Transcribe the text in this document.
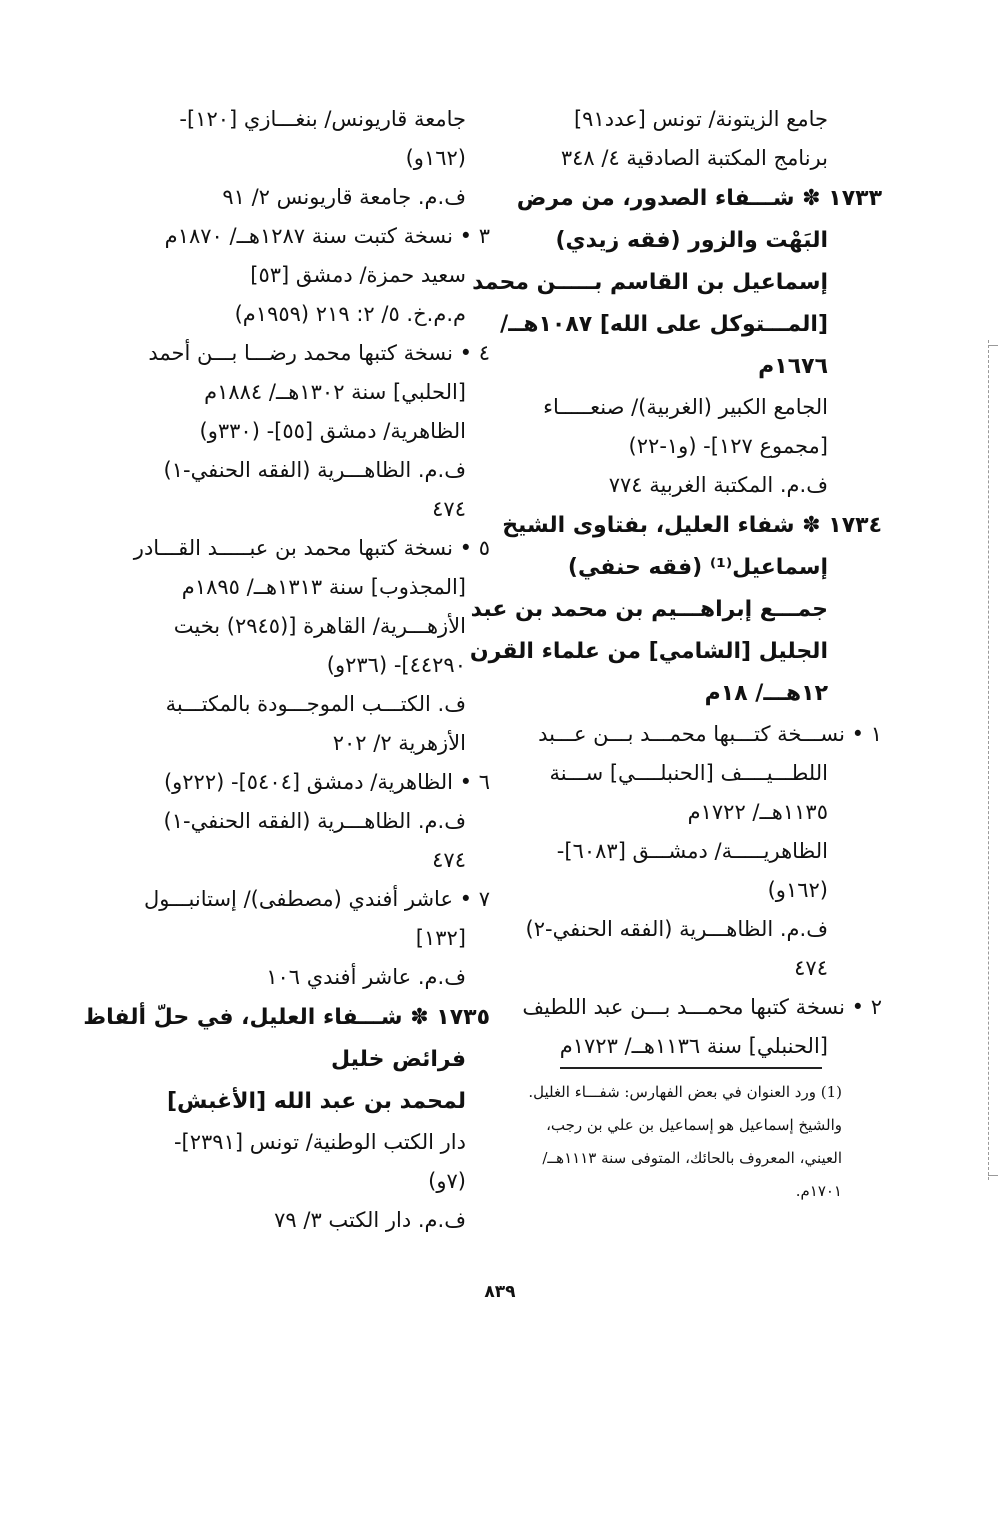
جامع الزيتونة/ تونس [عدد٩١]
برنامج المكتبة الصادقية ٤/ ٣٤٨
١٧٣٣ ✽ شـــفاء الصدور، من مرض
البَهْت والزور (فقه زيدي)
إسماعيل بن القاسم بـــــن محمد
[المـــتوكل على الله] ١٠٨٧هــ/
١٦٧٦م
الجامع الكبير (الغربية)/ صنعـــــاء
[مجموع ١٢٧]- (و١-٢٢)
ف.م. المكتبة الغربية ٧٧٤
١٧٣٤ ✽ شفاء العليل، بفتاوى الشيخ
إسماعيل⁽¹⁾ (فقه حنفي)
جمـــع إبراهـــيم بن محمد بن عبد
الجليل [الشامي] من علماء القرن
١٢هـــ/ ١٨م
١ • نســـخة كتـــبها محمـــد بـــن عـــبد
اللطـــيــــف [الحنبلــــي] ســـنة
١١٣٥هــ/ ١٧٢٢م
الظاهريـــــة/ دمشـــق [٦٠٨٣]-
(١٦٢و)
ف.م. الظاهـــرية (الفقه الحنفي-٢)
٤٧٤
٢ • نسخة كتبها محمـــد بـــن عبد اللطيف
[الحنبلي] سنة ١١٣٦هــ/ ١٧٢٣م
جامعة قاريونس/ بنغـــازي [١٢٠]-
(١٦٢و)
ف.م. جامعة قاريونس ٢/ ٩١
٣ • نسخة كتبت سنة ١٢٨٧هــ/ ١٨٧٠م
سعيد حمزة/ دمشق [٥٣]
م.م.خ. ٥/ ٢: ٢١٩ (١٩٥٩م)
٤ • نسخة كتبها محمد رضـــا بـــن أحمد
[الحلبي] سنة ١٣٠٢هــ/ ١٨٨٤م
الظاهرية/ دمشق [٥٥]- (٣٣٠و)
ف.م. الظاهـــرية (الفقه الحنفي-١)
٤٧٤
٥ • نسخة كتبها محمد بن عبـــــد القـــادر
[المجذوب] سنة ١٣١٣هــ/ ١٨٩٥م
الأزهـــرية/ القاهرة [(٢٩٤٥) بخيت
٤٤٢٩٠]- (٢٣٦و)
ف. الكتـــب الموجـــودة بالمكتـــبة
الأزهرية ٢/ ٢٠٢
٦ • الظاهرية/ دمشق [٥٤٠٤]- (٢٢٢و)
ف.م. الظاهـــرية (الفقه الحنفي-١)
٤٧٤
٧ • عاشر أفندي (مصطفى)/ إستانبـــول
[١٣٢]
ف.م. عاشر أفندي ١٠٦
١٧٣٥ ✽ شـــفاء العليل، في حلّ ألفاظ
فرائض خليل
لمحمد بن عبد الله [الأغبش]
دار الكتب الوطنية/ تونس [٢٣٩١]-
(٧و)
ف.م. دار الكتب ٣/ ٧٩
(1) ورد العنوان في بعض الفهارس: شفـــاء الغليل.
والشيخ إسماعيل هو إسماعيل بن علي بن رجب،
العيني، المعروف بالحائك، المتوفى سنة ١١١٣هــ/
١٧٠١م.
٨٣٩
